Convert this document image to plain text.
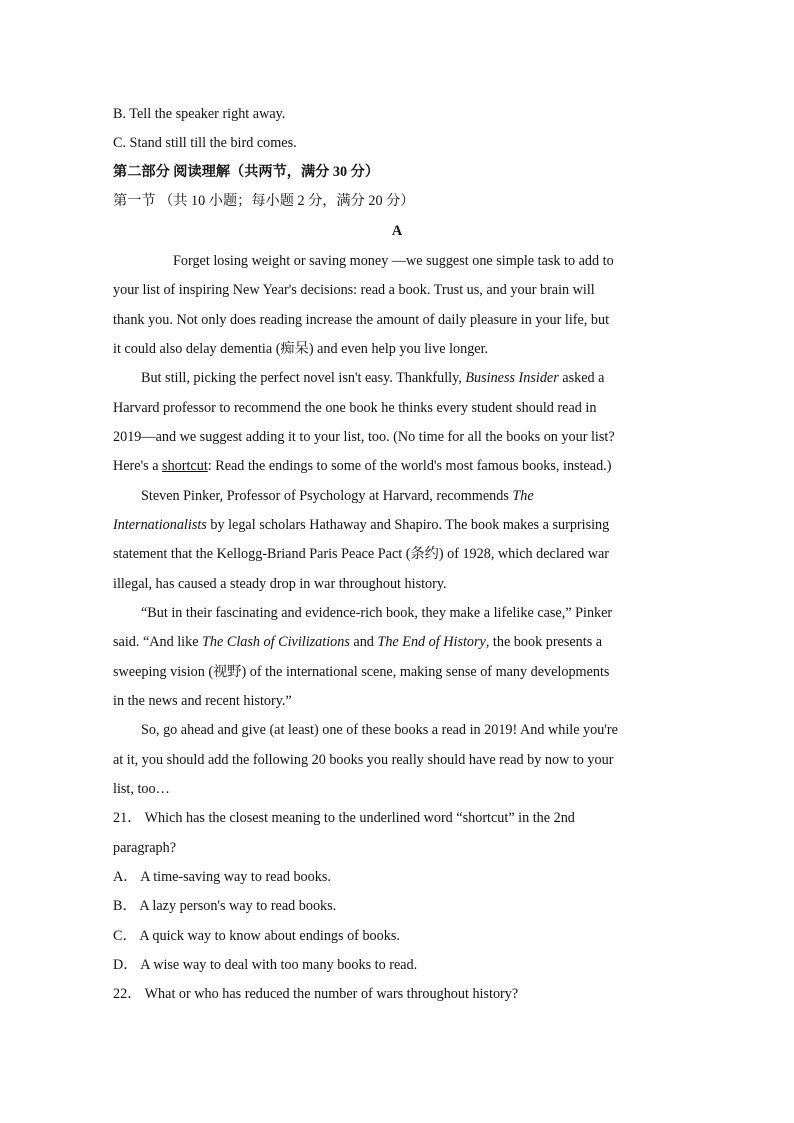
B. Tell the speaker right away.
C. Stand still till the bird comes.
第二部分 阅读理解（共两节，满分 30 分）
第一节 （共 10 小题；每小题 2 分，满分 20 分）
A
Forget losing weight or saving money —we suggest one simple task to add to
your list of inspiring New Year's decisions: read a book. Trust us, and your brain will
thank you. Not only does reading increase the amount of daily pleasure in your life, but
it could also delay dementia (痴呆) and even help you live longer.
But still, picking the perfect novel isn't easy. Thankfully, Business Insider asked a
Harvard professor to recommend the one book he thinks every student should read in
2019—and we suggest adding it to your list, too. (No time for all the books on your list?
Here's a shortcut: Read the endings to some of the world's most famous books, instead.)
Steven Pinker, Professor of Psychology at Harvard, recommends The
Internationalists by legal scholars Hathaway and Shapiro. The book makes a surprising
statement that the Kellogg-Briand Paris Peace Pact (条约) of 1928, which declared war
illegal, has caused a steady drop in war throughout history.
“But in their fascinating and evidence-rich book, they make a lifelike case,” Pinker
said. “And like The Clash of Civilizations and The End of History, the book presents a
sweeping vision (视野) of the international scene, making sense of many developments
in the news and recent history.”
So, go ahead and give (at least) one of these books a read in 2019! And while you're
at it, you should add the following 20 books you really should have read by now to your
list, too…
21． Which has the closest meaning to the underlined word “shortcut” in the 2nd
paragraph?
A． A time-saving way to read books.
B． A lazy person's way to read books.
C． A quick way to know about endings of books.
D． A wise way to deal with too many books to read.
22． What or who has reduced the number of wars throughout history?
